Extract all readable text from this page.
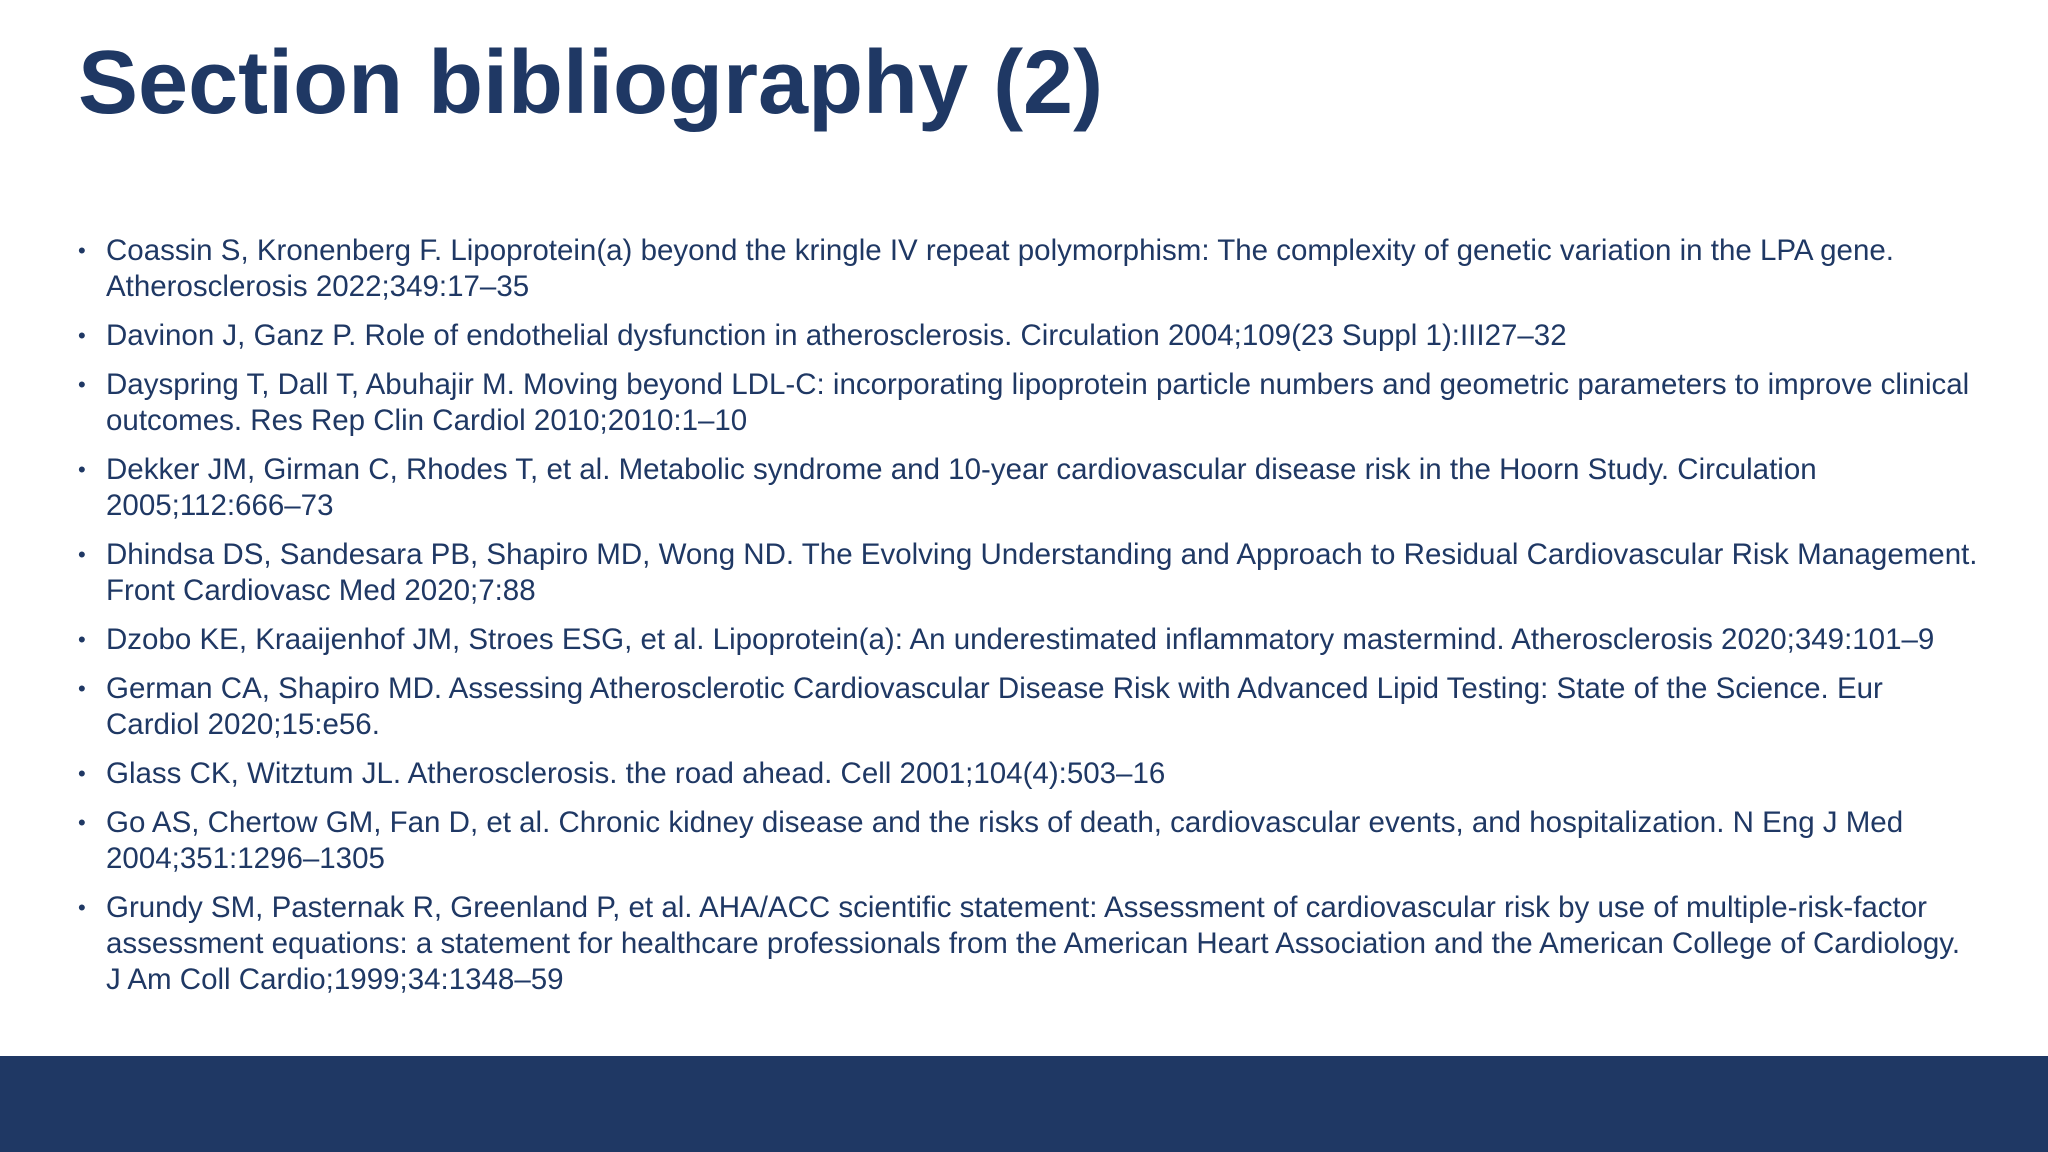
Section bibliography (2)
• Coassin S, Kronenberg F. Lipoprotein(a) beyond the kringle IV repeat polymorphism: The complexity of genetic variation in the LPA gene. Atherosclerosis 2022;349:17–35
• Davinon J, Ganz P. Role of endothelial dysfunction in atherosclerosis. Circulation 2004;109(23 Suppl 1):III27–32
• Dayspring T, Dall T, Abuhajir M. Moving beyond LDL-C: incorporating lipoprotein particle numbers and geometric parameters to improve clinical outcomes. Res Rep Clin Cardiol 2010;2010:1–10
• Dekker JM, Girman C, Rhodes T, et al. Metabolic syndrome and 10-year cardiovascular disease risk in the Hoorn Study. Circulation 2005;112:666–73
• Dhindsa DS, Sandesara PB, Shapiro MD, Wong ND. The Evolving Understanding and Approach to Residual Cardiovascular Risk Management. Front Cardiovasc Med 2020;7:88
• Dzobo KE, Kraaijenhof JM, Stroes ESG, et al. Lipoprotein(a): An underestimated inflammatory mastermind. Atherosclerosis 2020;349:101–9
• German CA, Shapiro MD. Assessing Atherosclerotic Cardiovascular Disease Risk with Advanced Lipid Testing: State of the Science. Eur Cardiol 2020;15:e56.
• Glass CK, Witztum JL. Atherosclerosis. the road ahead. Cell 2001;104(4):503–16
• Go AS, Chertow GM, Fan D, et al. Chronic kidney disease and the risks of death, cardiovascular events, and hospitalization. N Eng J Med 2004;351:1296–1305
• Grundy SM, Pasternak R, Greenland P, et al. AHA/ACC scientific statement: Assessment of cardiovascular risk by use of multiple-risk-factor assessment equations: a statement for healthcare professionals from the American Heart Association and the American College of Cardiology. J Am Coll Cardio;1999;34:1348–59
